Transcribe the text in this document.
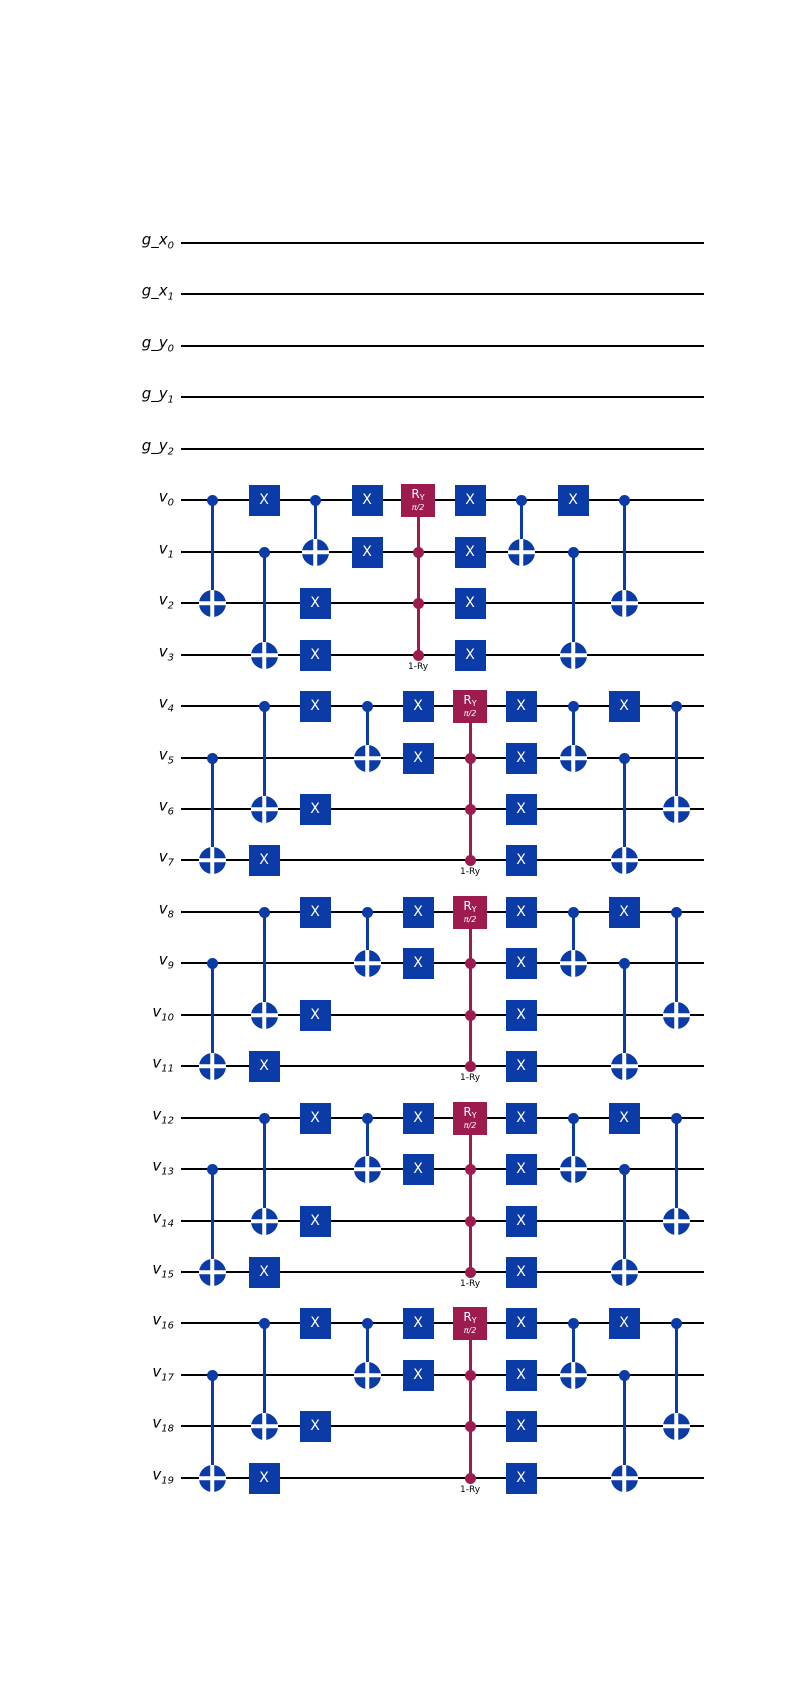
$g\_x_0$
$g\_x_1$
$g\_y_0$
$g\_y_1$
$g\_y_2$
$v_0$
$v_1$
$v_2$
$v_3$
$v_4$
$v_5$
$v_6$
$v_7$
$v_8$
$v_9$
$v_{10}$
$v_{11}$
$v_{12}$
$v_{13}$
$v_{14}$
$v_{15}$
$v_{16}$
$v_{17}$
$v_{18}$
$v_{19}$
X
X
X
X
X
$R_Y$
π/2
1-Ry
X
X
X
X
X
X
X
X
X
X
$R_Y$
π/2
1-Ry
X
X
X
X
X
X
X
X
X
X
$R_Y$
π/2
1-Ry
X
X
X
X
X
X
X
X
X
X
$R_Y$
π/2
1-Ry
X
X
X
X
X
X
X
X
X
X
$R_Y$
π/2
1-Ry
X
X
X
X
X
